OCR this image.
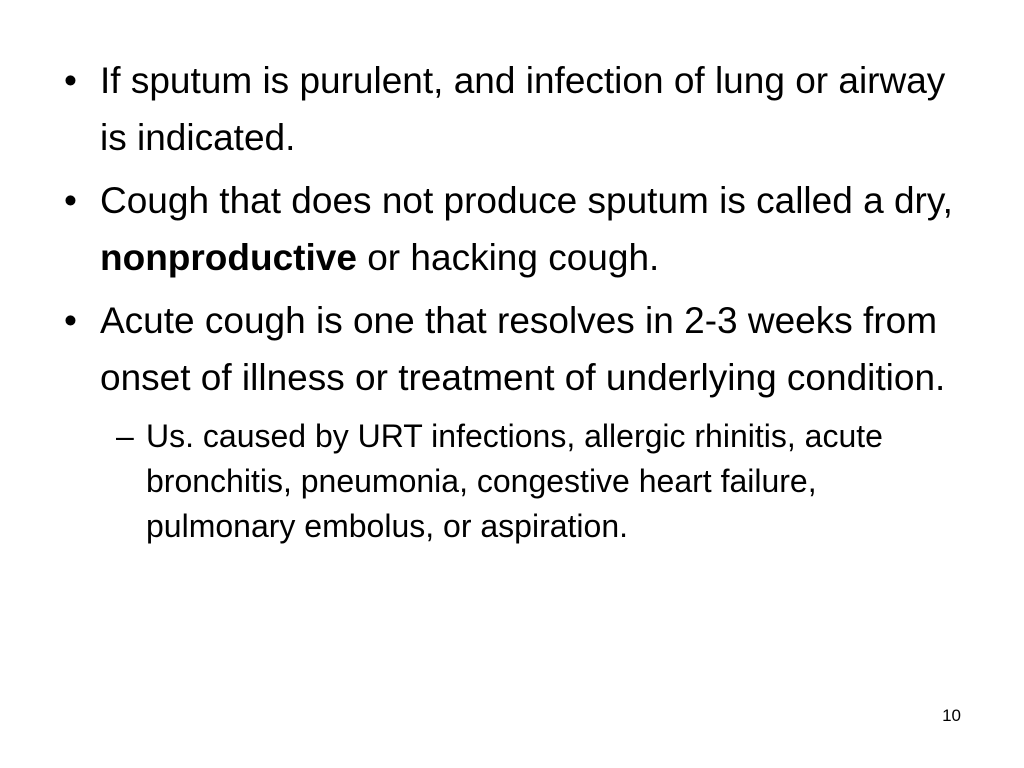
• If sputum is purulent, and infection of lung or airway is indicated.
• Cough that does not produce sputum is called a dry, nonproductive or hacking cough.
• Acute cough is one that resolves in 2-3 weeks from onset of illness or treatment of underlying condition.
– Us. caused by URT infections, allergic rhinitis, acute bronchitis, pneumonia, congestive heart failure, pulmonary embolus, or aspiration.
10
